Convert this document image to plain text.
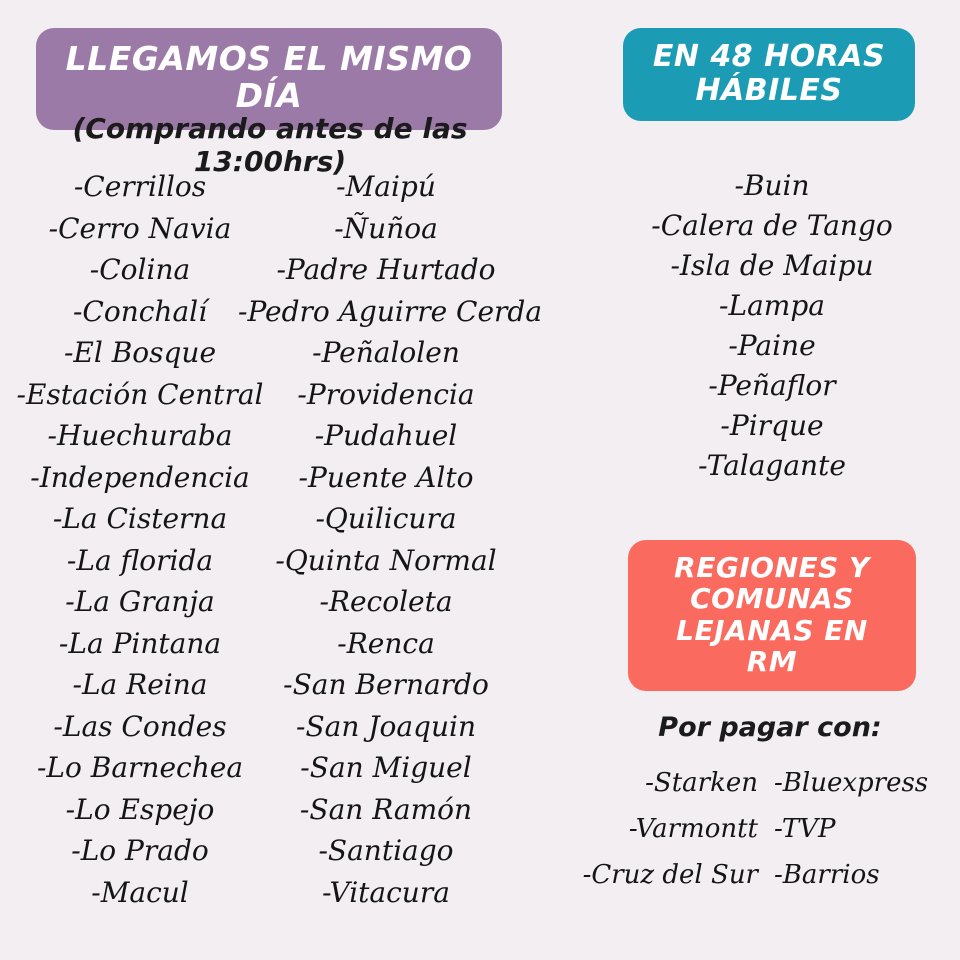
LLEGAMOS EL MISMO DÍA
(Comprando antes de las 13:00hrs)
-Cerrillos
-Cerro Navia
-Colina
-Conchalí
-El Bosque
-Estación Central
-Huechuraba
-Independencia
-La Cisterna
-La florida
-La Granja
-La Pintana
-La Reina
-Las Condes
-Lo Barnechea
-Lo Espejo
-Lo Prado
-Macul
-Maipú
-Ñuñoa
-Padre Hurtado
-Pedro Aguirre Cerda
-Peñalolen
-Providencia
-Pudahuel
-Puente Alto
-Quilicura
-Quinta Normal
-Recoleta
-Renca
-San Bernardo
-San Joaquin
-San Miguel
-San Ramón
-Santiago
-Vitacura
EN 48 HORAS HÁBILES
-Buin
-Calera de Tango
-Isla de Maipu
-Lampa
-Paine
-Peñaflor
-Pirque
-Talagante
REGIONES Y COMUNAS LEJANAS EN RM
Por pagar con:
-Starken -Bluexpress
-Varmontt -TVP
-Cruz del Sur -Barrios
